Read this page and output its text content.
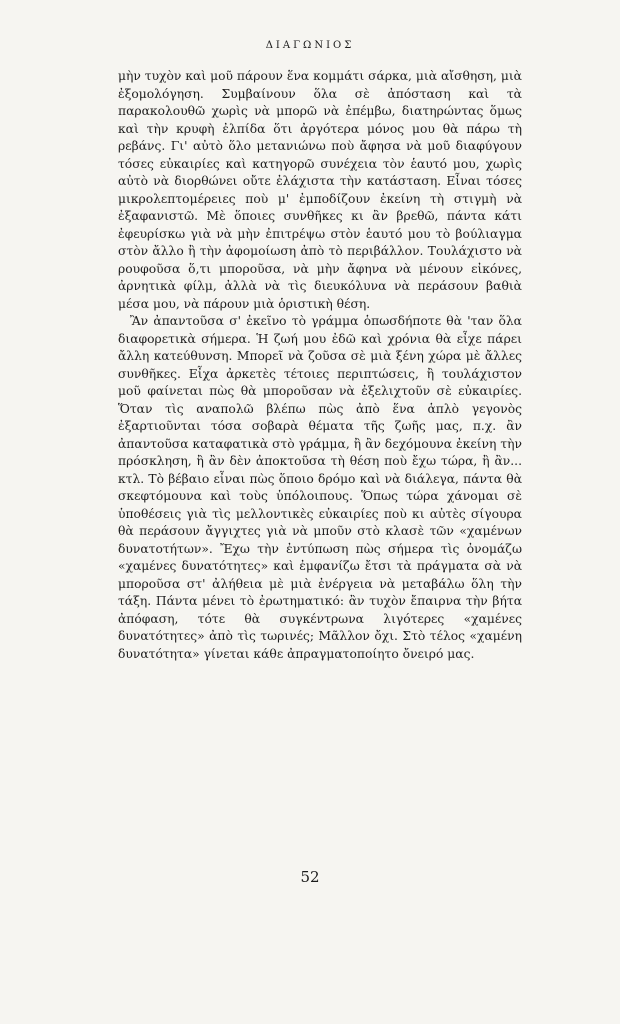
ΔΙΑΓΩΝΙΟΣ

μὴν τυχὸν καὶ μοῦ πάρουν ἕνα κομμάτι σάρκα, μιὰ αἴσθηση, μιὰ ἐξομολόγηση. Συμβαίνουν ὅλα σὲ ἀπόσταση καὶ τὰ παρακολουθῶ χωρὶς νὰ μπορῶ νὰ ἐπέμβω, διατηρώντας ὅμως καὶ τὴν κρυφὴ ἐλπίδα ὅτι ἀργότερα μόνος μου θὰ πάρω τὴ ρεβάνς. Γι' αὐτὸ ὅλο μετανιώνω ποὺ ἄφησα νὰ μοῦ διαφύγουν τόσες εὐκαιρίες καὶ κατηγορῶ συνέχεια τὸν ἑαυτό μου, χωρὶς αὐτὸ νὰ διορθώνει οὔτε ἐλάχιστα τὴν κατάσταση. Εἶναι τόσες μικρολεπτομέρειες ποὺ μ' ἐμποδίζουν ἐκείνη τὴ στιγμὴ νὰ ἐξαφανιστῶ. Μὲ ὅποιες συνθῆκες κι ἂν βρεθῶ, πάντα κάτι ἐφευρίσκω γιὰ νὰ μὴν ἐπιτρέψω στὸν ἑαυτό μου τὸ βούλιαγμα στὸν ἄλλο ἢ τὴν ἀφομοίωση ἀπὸ τὸ περιβάλλον. Τουλάχιστο νὰ ρουφοῦσα ὅ,τι μποροῦσα, νὰ μὴν ἄφηνα νὰ μένουν εἰκόνες, ἀρνητικὰ φίλμ, ἀλλὰ νὰ τὶς διευκόλυνα νὰ περάσουν βαθιὰ μέσα μου, νὰ πάρουν μιὰ ὁριστικὴ θέση.

Ἂν ἀπαντοῦσα σ' ἐκεῖνο τὸ γράμμα ὁπωσδήποτε θὰ 'ταν ὅλα διαφορετικὰ σήμερα. Ἡ ζωή μου ἐδῶ καὶ χρόνια θὰ εἶχε πάρει ἄλλη κατεύθυνση. Μπορεῖ νὰ ζοῦσα σὲ μιὰ ξένη χώρα μὲ ἄλλες συνθῆκες. Εἶχα ἀρκετὲς τέτοιες περιπτώσεις, ἢ τουλάχιστον μοῦ φαίνεται πὼς θὰ μποροῦσαν νὰ ἐξελιχτοῦν σὲ εὐκαιρίες. Ὅταν τὶς αναπολῶ βλέπω πὼς ἀπὸ ἕνα ἁπλὸ γεγονὸς ἐξαρτιοῦνται τόσα σοβαρὰ θέματα τῆς ζωῆς μας, π.χ. ἂν ἀπαντοῦσα καταφατικὰ στὸ γράμμα, ἢ ἂν δεχόμουνα ἐκείνη τὴν πρόσκληση, ἢ ἂν δὲν ἀποκτοῦσα τὴ θέση ποὺ ἔχω τώρα, ἢ ἂν... κτλ. Τὸ βέβαιο εἶναι πὼς ὅποιο δρόμο καὶ νὰ διάλεγα, πάντα θὰ σκεφτόμουνα καὶ τοὺς ὑπόλοιπους. Ὅπως τώρα χάνομαι σὲ ὑποθέσεις γιὰ τὶς μελλοντικὲς εὐκαιρίες ποὺ κι αὐτὲς σίγουρα θὰ περάσουν ἄγγιχτες γιὰ νὰ μποῦν στὸ κλασὲ τῶν «χαμένων δυνατοτήτων». Ἔχω τὴν ἐντύπωση πὼς σήμερα τὶς ὀνομάζω «χαμένες δυνατότητες» καὶ ἐμφανίζω ἔτσι τὰ πράγματα σὰ νὰ μποροῦσα στ' ἀλήθεια μὲ μιὰ ἐνέργεια νὰ μεταβάλω ὅλη τὴν τάξη. Πάντα μένει τὸ ἐρωτηματικό: ἂν τυχὸν ἔπαιρνα τὴν βήτα ἀπόφαση, τότε θὰ συγκέντρωνα λιγότερες «χαμένες δυνατότητες» ἀπὸ τὶς τωρινές; Μᾶλλον ὄχι. Στὸ τέλος «χαμένη δυνατότητα» γίνεται κάθε ἀπραγματοποίητο ὄνειρό μας.

52
